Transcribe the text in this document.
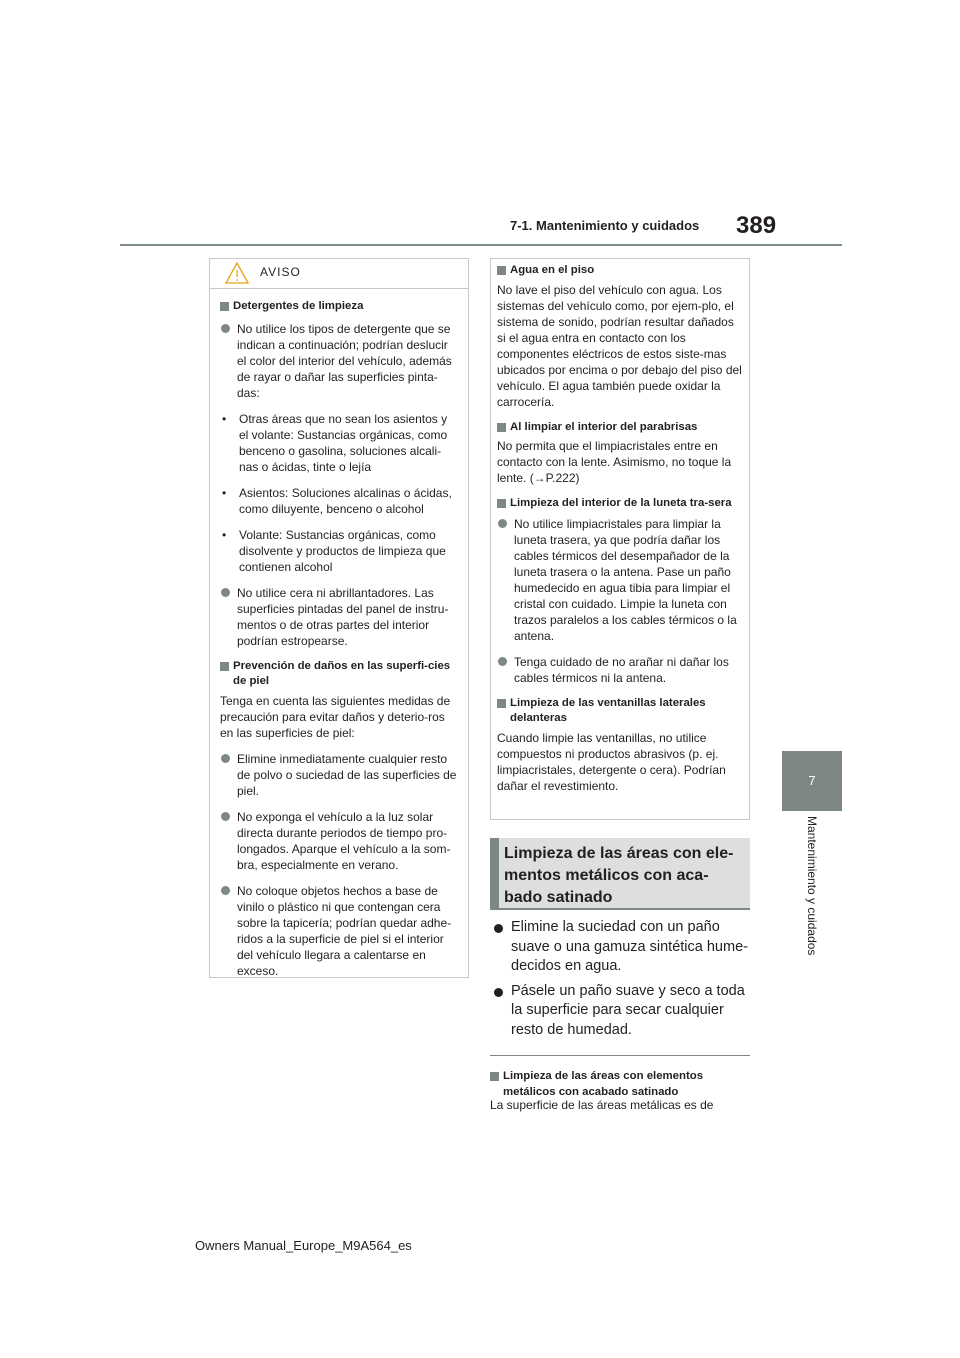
7-1. Mantenimiento y cuidados 389
7
Mantenimiento y cuidados
AVISO
Detergentes de limpieza
No utilice los tipos de detergente que se indican a continuación; podrían deslucir el color del interior del vehículo, además de rayar o dañar las superficies pinta-das:
• Otras áreas que no sean los asientos y el volante: Sustancias orgánicas, como benceno o gasolina, soluciones alcali-nas o ácidas, tinte o lejía
• Asientos: Soluciones alcalinas o ácidas, como diluyente, benceno o alcohol
• Volante: Sustancias orgánicas, como disolvente y productos de limpieza que contienen alcohol
No utilice cera ni abrillantadores. Las superficies pintadas del panel de instru-mentos o de otras partes del interior podrían estropearse.
Prevención de daños en las superfi-cies de piel
Tenga en cuenta las siguientes medidas de precaución para evitar daños y deterio-ros en las superficies de piel:
Elimine inmediatamente cualquier resto de polvo o suciedad de las superficies de piel.
No exponga el vehículo a la luz solar directa durante periodos de tiempo pro-longados. Aparque el vehículo a la som-bra, especialmente en verano.
No coloque objetos hechos a base de vinilo o plástico ni que contengan cera sobre la tapicería; podrían quedar adhe-ridos a la superficie de piel si el interior del vehículo llegara a calentarse en exceso.
Agua en el piso
No lave el piso del vehículo con agua. Los sistemas del vehículo como, por ejem-plo, el sistema de sonido, podrían resultar dañados si el agua entra en contacto con los componentes eléctricos de estos siste-mas ubicados por encima o por debajo del piso del vehículo. El agua también puede oxidar la carrocería.
Al limpiar el interior del parabrisas
No permita que el limpiacristales entre en contacto con la lente. Asimismo, no toque la lente. (→P.222)
Limpieza del interior de la luneta tra-sera
No utilice limpiacristales para limpiar la luneta trasera, ya que podría dañar los cables térmicos del desempañador de la luneta trasera o la antena. Pase un paño humedecido en agua tibia para limpiar el cristal con cuidado. Limpie la luneta con trazos paralelos a los cables térmicos o la antena.
Tenga cuidado de no arañar ni dañar los cables térmicos ni la antena.
Limpieza de las ventanillas laterales delanteras
Cuando limpie las ventanillas, no utilice compuestos ni productos abrasivos (p. ej. limpiacristales, detergente o cera). Podrían dañar el revestimiento.
Limpieza de las áreas con ele-mentos metálicos con aca-bado satinado
Elimine la suciedad con un paño suave o una gamuza sintética hume-decidos en agua.
Pásele un paño suave y seco a toda la superficie para secar cualquier resto de humedad.
Limpieza de las áreas con elementos metálicos con acabado satinado
La superficie de las áreas metálicas es de
Owners Manual_Europe_M9A564_es
